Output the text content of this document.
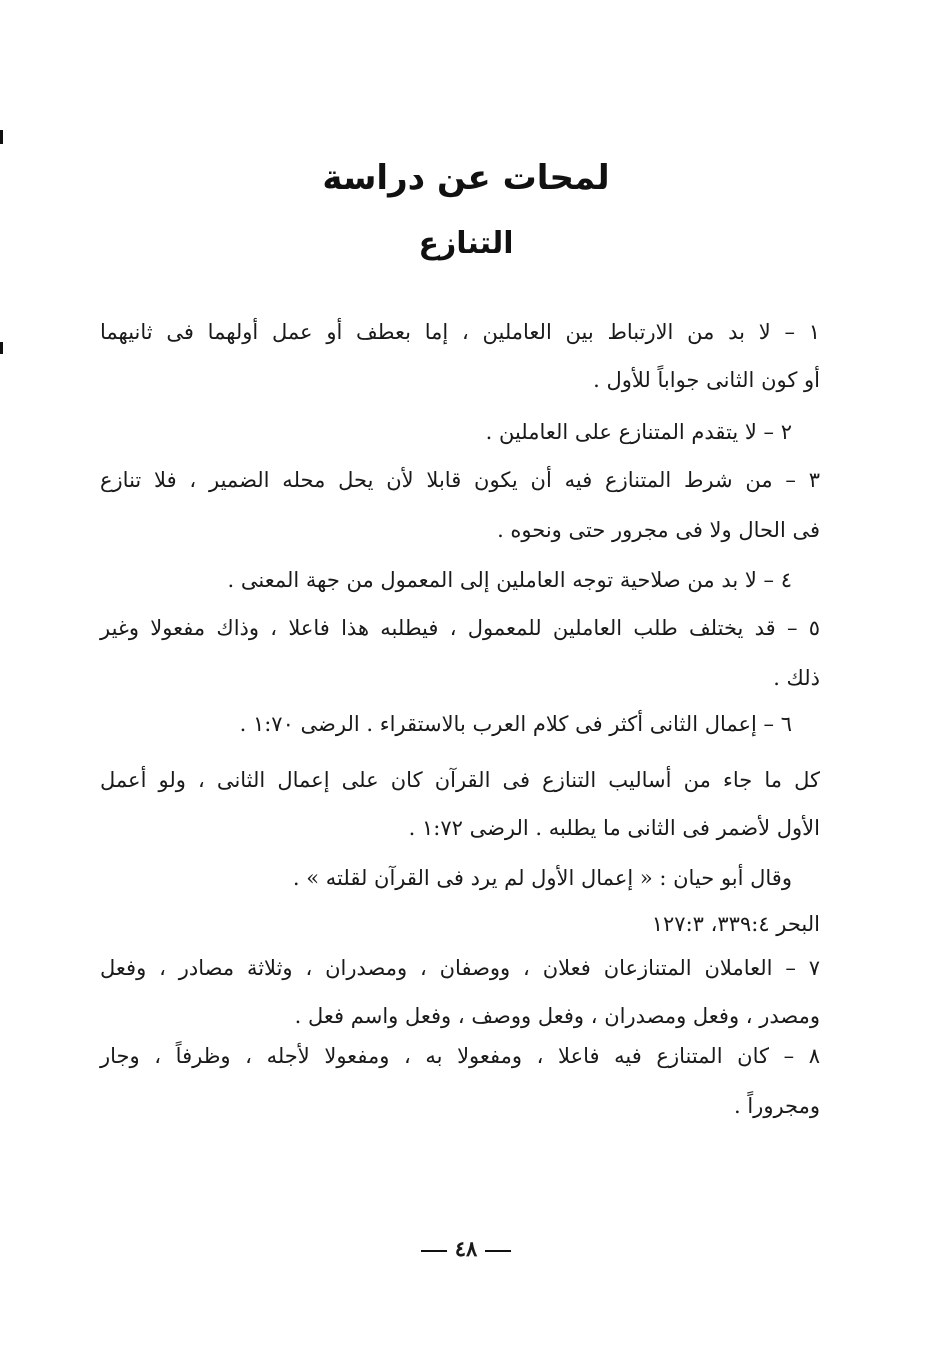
لمحات عن دراسة
التنازع
١ – لا بد من الارتباط بين العاملين ، إما بعطف أو عمل أولهما فى ثانيهما
أو كون الثانى جواباً للأول .
٢ – لا يتقدم المتنازع على العاملين .
٣ – من شرط المتنازع فيه أن يكون قابلا لأن يحل محله الضمير ، فلا تنازع
فى الحال ولا فى مجرور حتى ونحوه .
٤ – لا بد من صلاحية توجه العاملين إلى المعمول من جهة المعنى .
٥ – قد يختلف طلب العاملين للمعمول ، فيطلبه هذا فاعلا ، وذاك مفعولا وغير
ذلك .
٦ – إعمال الثانى أكثر فى كلام العرب بالاستقراء . الرضى ١:٧٠ .
كل ما جاء من أساليب التنازع فى القرآن كان على إعمال الثانى ، ولو أعمل
الأول لأضمر فى الثانى ما يطلبه . الرضى ١:٧٢ .
وقال أبو حيان : « إعمال الأول لم يرد فى القرآن لقلته » .
البحر ٣٣٩:٤، ١٢٧:٣
٧ – العاملان المتنازعان فعلان ، ووصفان ، ومصدران ، وثلاثة مصادر ، وفعل
ومصدر ، وفعل ومصدران ، وفعل ووصف ، وفعل واسم فعل .
٨ – كان المتنازع فيه فاعلا ، ومفعولا به ، ومفعولا لأجله ، وظرفاً ، وجار
ومجروراً .
٤٨
